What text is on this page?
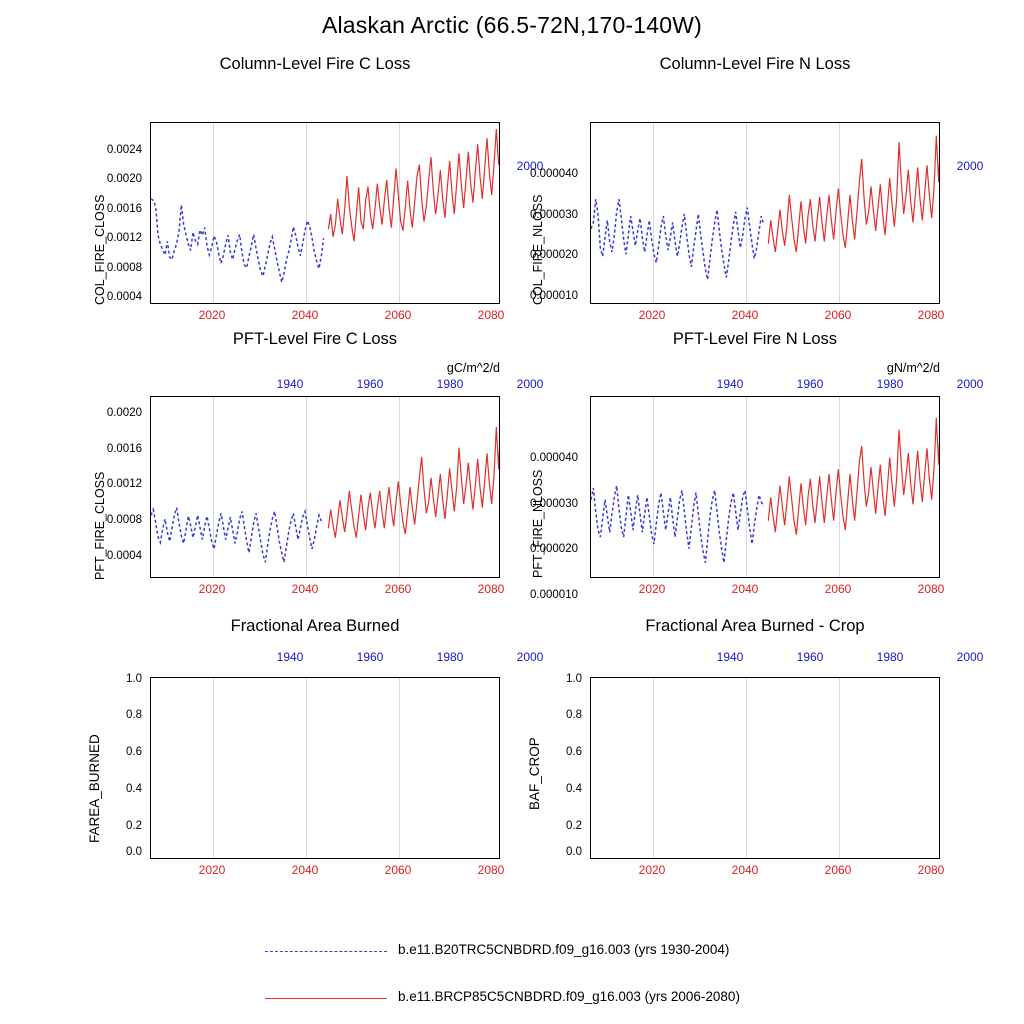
Alaskan Arctic (66.5-72N,170-140W)
Column-Level Fire C Loss
2000
COL_FIRE_CLOSS
0.0024
0.0020
0.0016
0.0012
0.0008
0.0004
2020	2040	2060	2080
Column-Level Fire N Loss
2000
COL_FIRE_NLOSS
0.000040
0.000030
0.000020
0.000010
2020	2040	2060	2080
PFT-Level Fire C Loss
gC/m^2/d
1940	1960	1980	2000
PFT_FIRE_CLOSS
0.0020
0.0016
0.0012
0.0008
0.0004
2020	2040	2060	2080
PFT-Level Fire N Loss
gN/m^2/d
1940	1960	1980	2000
PFT_FIRE_NLOSS
0.000040
0.000030
0.000020
0.000010	2020	2040	2060	2080
Fractional Area Burned
1940	1960	1980	2000
FAREA_BURNED
1.0
0.8
0.6
0.4
0.2
0.0
2020	2040	2060	2080
Fractional Area Burned - Crop
1940	1960	1980	2000
BAF_CROP
1.0
0.8
0.6
0.4
0.2
0.0
2020	2040	2060	2080
b.e11.B20TRC5CNBDRD.f09_g16.003 (yrs 1930-2004)
b.e11.BRCP85C5CNBDRD.f09_g16.003 (yrs 2006-2080)
